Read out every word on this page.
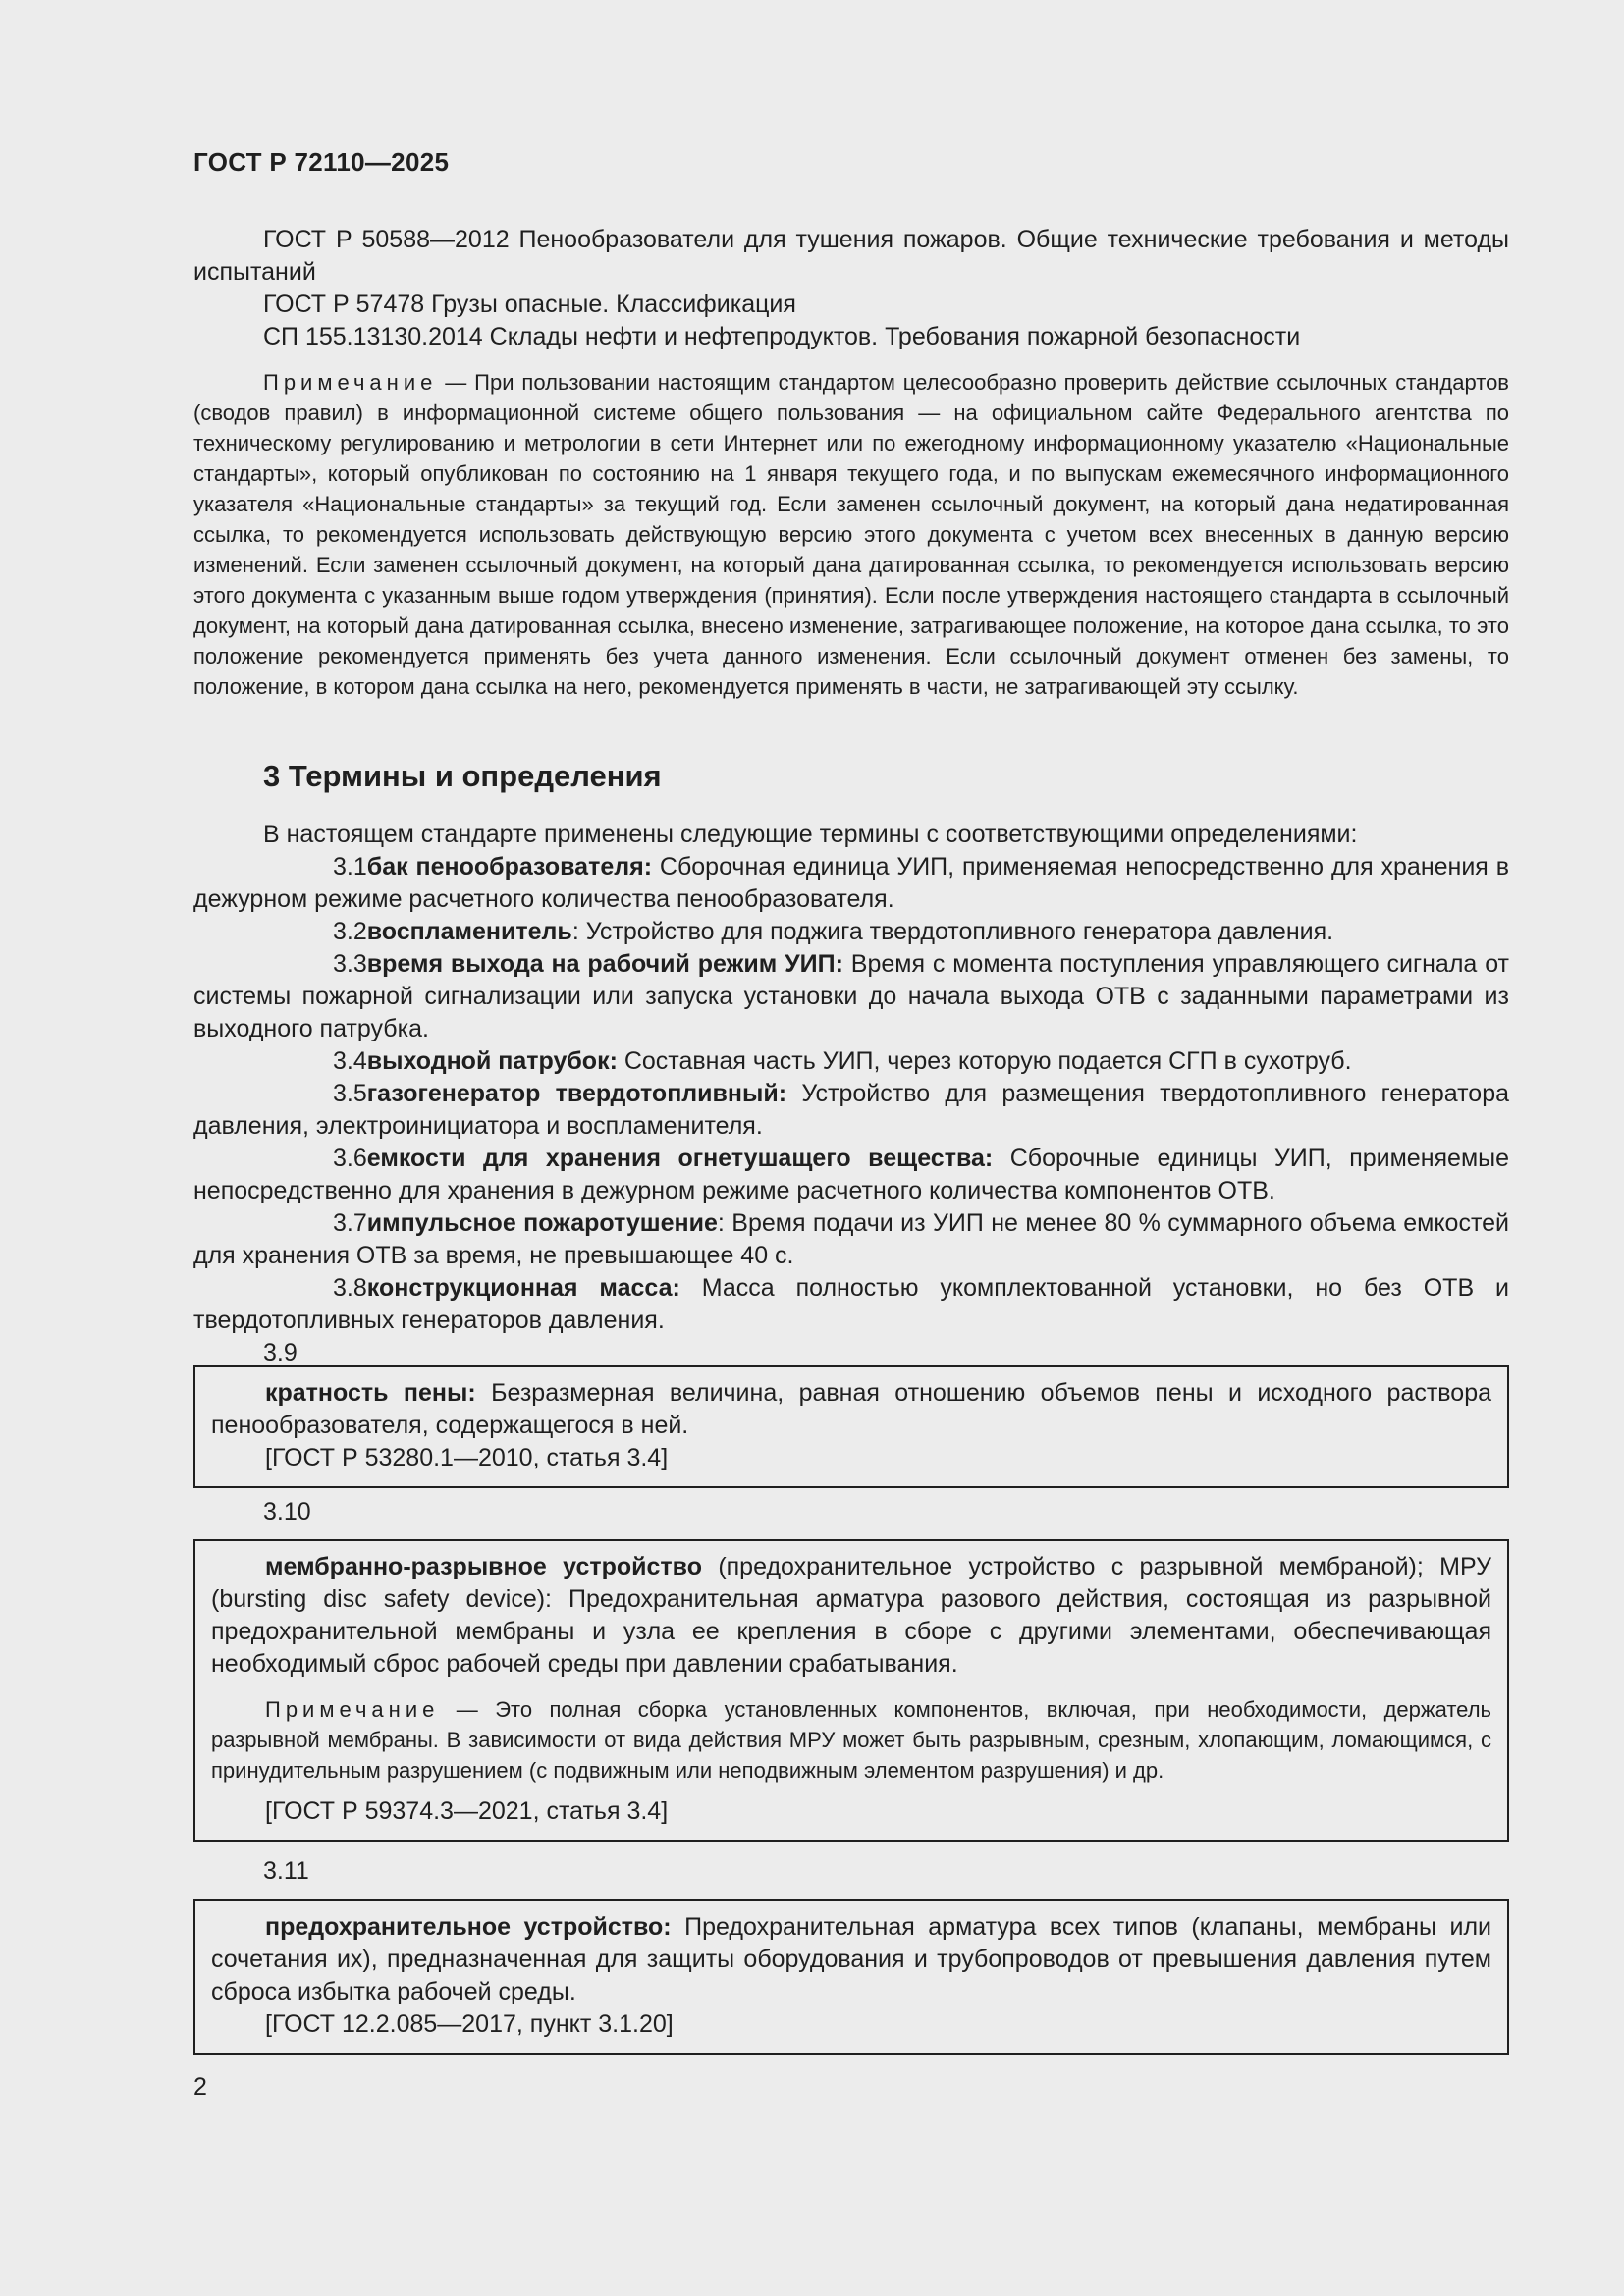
ГОСТ Р 72110—2025

ГОСТ Р 50588—2012 Пенообразователи для тушения пожаров. Общие технические требования и методы испытаний

ГОСТ Р 57478 Грузы опасные. Классификация

СП 155.13130.2014 Склады нефти и нефтепродуктов. Требования пожарной безопасности

Примечание — При пользовании настоящим стандартом целесообразно проверить действие ссылочных стандартов (сводов правил) в информационной системе общего пользования — на официальном сайте Федерального агентства по техническому регулированию и метрологии в сети Интернет или по ежегодному информационному указателю «Национальные стандарты», который опубликован по состоянию на 1 января текущего года, и по выпускам ежемесячного информационного указателя «Национальные стандарты» за текущий год. Если заменен ссылочный документ, на который дана недатированная ссылка, то рекомендуется использовать действующую версию этого документа с учетом всех внесенных в данную версию изменений. Если заменен ссылочный документ, на который дана датированная ссылка, то рекомендуется использовать версию этого документа с указанным выше годом утверждения (принятия). Если после утверждения настоящего стандарта в ссылочный документ, на который дана датированная ссылка, внесено изменение, затрагивающее положение, на которое дана ссылка, то это положение рекомендуется применять без учета данного изменения. Если ссылочный документ отменен без замены, то положение, в котором дана ссылка на него, рекомендуется применять в части, не затрагивающей эту ссылку.

3 Термины и определения

В настоящем стандарте применены следующие термины с соответствующими определениями:

3.1бак пенообразователя: Сборочная единица УИП, применяемая непосредственно для хранения в дежурном режиме расчетного количества пенообразователя.

3.2воспламенитель: Устройство для поджига твердотопливного генератора давления.

3.3время выхода на рабочий режим УИП: Время с момента поступления управляющего сигнала от системы пожарной сигнализации или запуска установки до начала выхода ОТВ с заданными параметрами из выходного патрубка.

3.4выходной патрубок: Составная часть УИП, через которую подается СГП в сухотруб.

3.5газогенератор твердотопливный: Устройство для размещения твердотопливного генератора давления, электроинициатора и воспламенителя.

3.6емкости для хранения огнетушащего вещества: Сборочные единицы УИП, применяемые непосредственно для хранения в дежурном режиме расчетного количества компонентов ОТВ.

3.7импульсное пожаротушение: Время подачи из УИП не менее 80 % суммарного объема емкостей для хранения ОТВ за время, не превышающее 40 с.

3.8конструкционная масса: Масса полностью укомплектованной установки, но без ОТВ и твердотопливных генераторов давления.

3.9

кратность пены: Безразмерная величина, равная отношению объемов пены и исходного раствора пенообразователя, содержащегося в ней.

[ГОСТ Р 53280.1—2010, статья 3.4]

3.10

мембранно-разрывное устройство (предохранительное устройство с разрывной мембраной); МРУ (bursting disc safety device): Предохранительная арматура разового действия, состоящая из разрывной предохранительной мембраны и узла ее крепления в сборе с другими элементами, обеспечивающая необходимый сброс рабочей среды при давлении срабатывания.

Примечание — Это полная сборка установленных компонентов, включая, при необходимости, держатель разрывной мембраны. В зависимости от вида действия МРУ может быть разрывным, срезным, хлопающим, ломающимся, с принудительным разрушением (с подвижным или неподвижным элементом разрушения) и др.

[ГОСТ Р 59374.3—2021, статья 3.4]

3.11

предохранительное устройство: Предохранительная арматура всех типов (клапаны, мембраны или сочетания их), предназначенная для защиты оборудования и трубопроводов от превышения давления путем сброса избытка рабочей среды.

[ГОСТ 12.2.085—2017, пункт 3.1.20]

2
